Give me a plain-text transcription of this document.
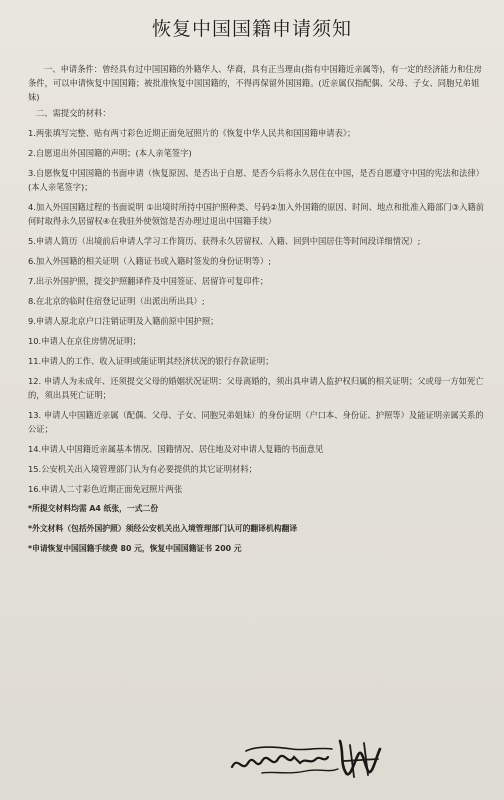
恢复中国国籍申请须知
一、申请条件：曾经具有过中国国籍的外籍华人、华裔，具有正当理由(指有中国籍近亲属等)，有一定的经济能力和住房条件，可以申请恢复中国国籍；被批准恢复中国国籍的，不得再保留外国国籍。(近亲属仅指配偶、父母、子女、同胞兄弟姐妹)
二、需提交的材料：
1.两张填写完整、贴有两寸彩色近期正面免冠照片的《恢复中华人民共和国国籍申请表》；
2.自愿退出外国国籍的声明；(本人亲笔签字)
3.自愿恢复中国国籍的书面申请（恢复原因、是否出于自愿、是否今后将永久居住在中国，是否自愿遵守中国的宪法和法律）(本人亲笔签字)；
4.加入外国国籍过程的书面说明 ①出境时所持中国护照种类、号码②加入外国籍的原因、时间、地点和批准入籍部门③入籍前何时取得永久居留权④在我驻外使领馆是否办理过退出中国籍手续）
5.申请人简历（出境前后申请人学习工作简历、获得永久居留权、入籍、回到中国居住等时间段详细情况）;
6.加入外国籍的相关证明（入籍证书或入籍时签发的身份证明等）;
7.出示外国护照，提交护照翻译件及中国签证、居留许可复印件；
8.在北京的临时住宿登记证明（出派出所出具）;
9.申请人原北京户口注销证明及入籍前原中国护照；
10.申请人在京住房情况证明；
11.申请人的工作、收入证明或能证明其经济状况的银行存款证明；
12. 申请人为未成年、还须提交父母的婚姻状况证明：父母离婚的，须出具申请人监护权归属的相关证明；父或母一方如死亡的，须出具死亡证明；
13. 申请人中国籍近亲属（配偶、父母、子女、同胞兄弟姐妹）的身份证明（户口本、身份证、护照等）及能证明亲属关系的公证；
14.申请人中国籍近亲属基本情况、国籍情况、居住地及对申请人复籍的书面意见
15.公安机关出入境管理部门认为有必要提供的其它证明材料；
16.申请人二寸彩色近期正面免冠照片两张
*所提交材料均需 A4 纸张，一式二份
*外文材料（包括外国护照）须经公安机关出入境管理部门认可的翻译机构翻译
*申请恢复中国国籍手续费 80 元，恢复中国国籍证书 200 元
